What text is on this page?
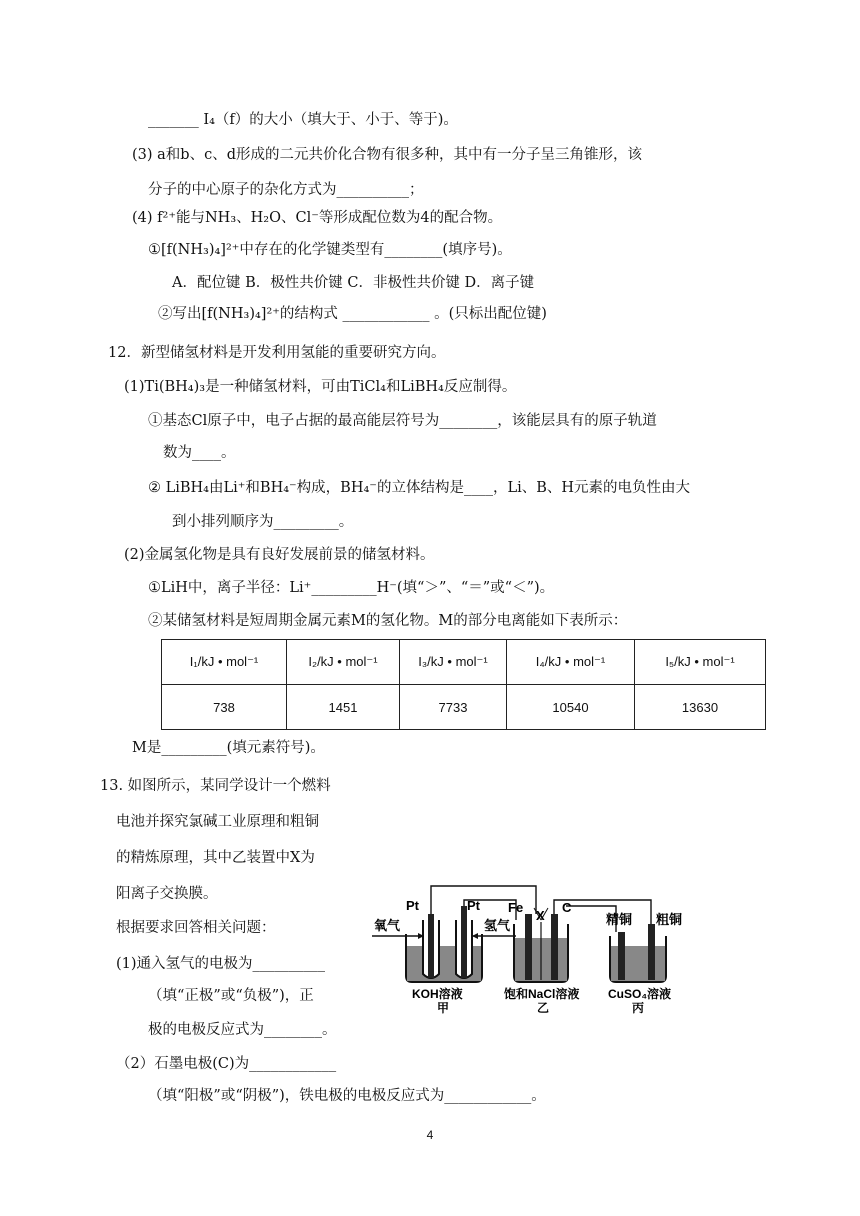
_______ I₄（f）的大小（填大于、小于、等于)。
(3) a和b、c、d形成的二元共价化合物有很多种，其中有一分子呈三角锥形，该
分子的中心原子的杂化方式为__________；
(4) f²⁺能与NH₃、H₂O、Cl⁻等形成配位数为4的配合物。
①[f(NH₃)₄]²⁺中存在的化学键类型有________(填序号)。
A．配位键 B．极性共价键 C．非极性共价键 D．离子键
②写出[f(NH₃)₄]²⁺的结构式 ____________ 。(只标出配位键)
12．新型储氢材料是开发利用氢能的重要研究方向。
(1)Ti(BH₄)₃是一种储氢材料，可由TiCl₄和LiBH₄反应制得。
①基态Cl原子中，电子占据的最高能层符号为________，该能层具有的原子轨道
数为____。
② LiBH₄由Li⁺和BH₄⁻构成，BH₄⁻的立体结构是____，Li、B、H元素的电负性由大
到小排列顺序为_________。
(2)金属氢化物是具有良好发展前景的储氢材料。
①LiH中，离子半径：Li⁺_________H⁻(填“＞”、“＝”或“＜”)。
②某储氢材料是短周期金属元素M的氢化物。M的部分电离能如下表所示：
I₁/kJ • mol⁻¹	I₂/kJ • mol⁻¹	I₃/kJ • mol⁻¹	I₄/kJ • mol⁻¹	I₅/kJ • mol⁻¹
738	1451	7733	10540	13630
M是_________(填元素符号)。
13. 如图所示，某同学设计一个燃料
电池并探究氯碱工业原理和粗铜
的精炼原理，其中乙装置中X为
阳离子交换膜。
根据要求回答相关问题：
(1)通入氢气的电极为__________
（填“正极”或“负极”)，正
极的电极反应式为________。
（2）石墨电极(C)为____________
（填“阳极”或“阴极”)，铁电极的电极反应式为____________。
Pt	Pt
氧气	氢气
KOH溶液
甲
Fe
X
C
饱和NaCl溶液
乙
精铜 粗铜
CuSO₄溶液
丙
4
